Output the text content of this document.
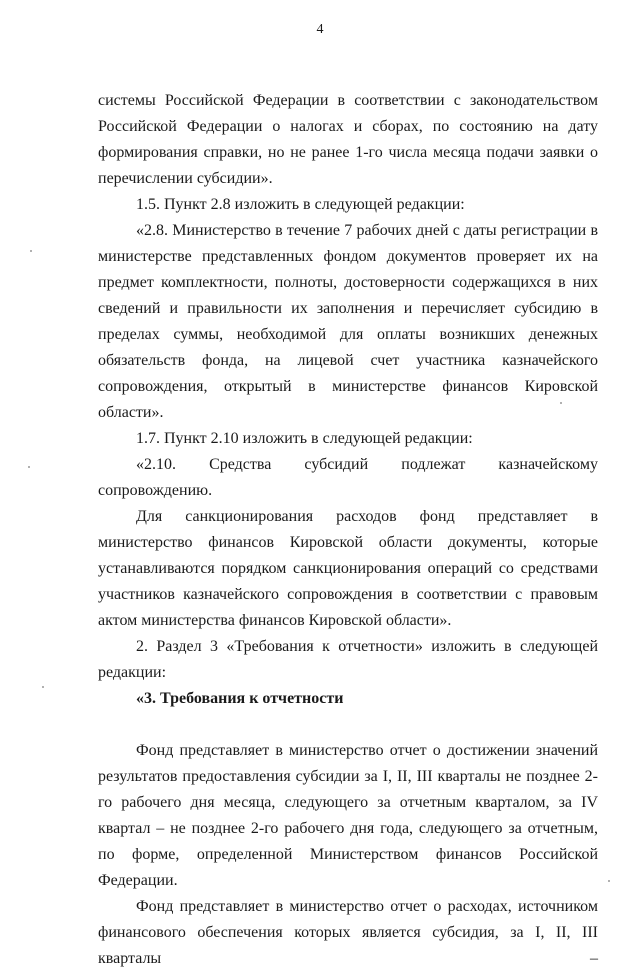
4

системы Российской Федерации в соответствии с законодательством Российской Федерации о налогах и сборах, по состоянию на дату формирования справки, но не ранее 1-го числа месяца подачи заявки о перечислении субсидии».

1.5. Пункт 2.8 изложить в следующей редакции:

«2.8. Министерство в течение 7 рабочих дней с даты регистрации в министерстве представленных фондом документов проверяет их на предмет комплектности, полноты, достоверности содержащихся в них сведений и правильности их заполнения и перечисляет субсидию в пределах суммы, необходимой для оплаты возникших денежных обязательств фонда, на лицевой счет участника казначейского сопровождения, открытый в министерстве финансов Кировской области».

1.7. Пункт 2.10 изложить в следующей редакции:

«2.10. Средства субсидий подлежат казначейскому сопровождению.

Для санкционирования расходов фонд представляет в министерство финансов Кировской области документы, которые устанавливаются порядком санкционирования операций со средствами участников казначейского сопровождения в соответствии с правовым актом министерства финансов Кировской области».

2. Раздел 3 «Требования к отчетности» изложить в следующей редакции:

«3. Требования к отчетности

Фонд представляет в министерство отчет о достижении значений результатов предоставления субсидии за I, II, III кварталы не позднее 2-го рабочего дня месяца, следующего за отчетным кварталом, за IV квартал – не позднее 2-го рабочего дня года, следующего за отчетным, по форме, определенной Министерством финансов Российской Федерации.

Фонд представляет в министерство отчет о расходах, источником финансового обеспечения которых является субсидия, за I, II, III кварталы –
